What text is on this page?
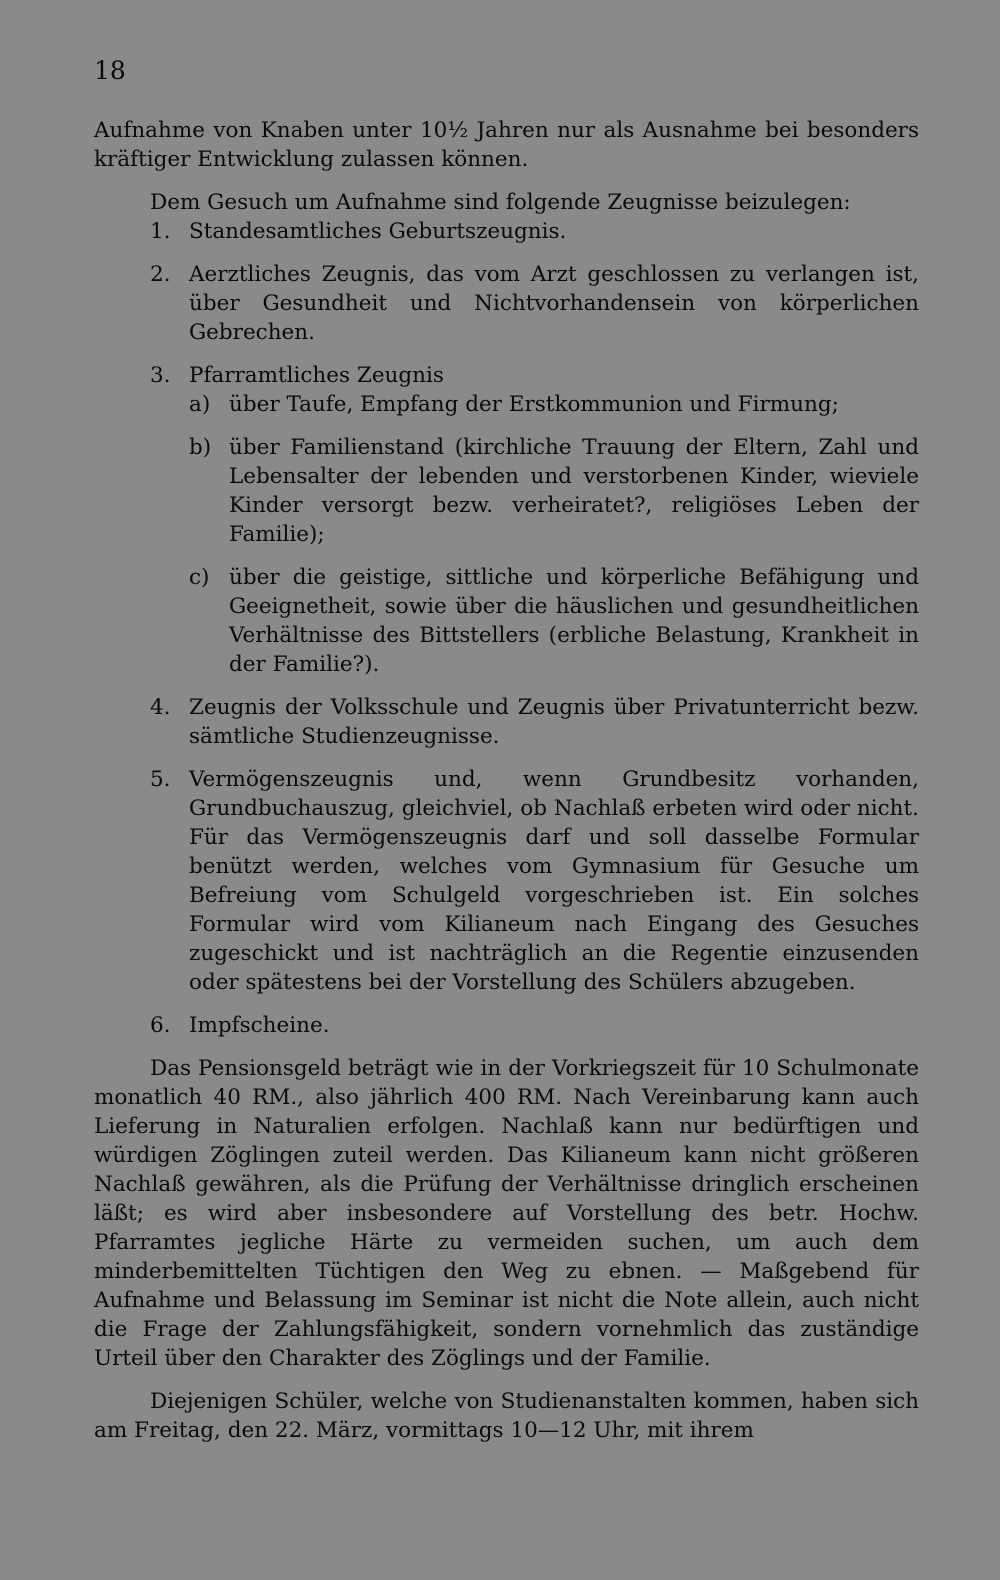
18

Aufnahme von Knaben unter 10½ Jahren nur als Ausnahme bei besonders kräftiger Entwicklung zulassen können.

Dem Gesuch um Aufnahme sind folgende Zeugnisse beizulegen:

1. Standesamtliches Geburtszeugnis.
2. Aerztliches Zeugnis, das vom Arzt geschlossen zu verlangen ist, über Gesundheit und Nichtvorhandensein von körperlichen Gebrechen.
3. Pfarramtliches Zeugnis
a) über Taufe, Empfang der Erstkommunion und Firmung;
b) über Familienstand (kirchliche Trauung der Eltern, Zahl und Lebensalter der lebenden und verstorbenen Kinder, wieviele Kinder versorgt bezw. verheiratet?, religiöses Leben der Familie);
c) über die geistige, sittliche und körperliche Befähigung und Geeignetheit, sowie über die häuslichen und gesundheitlichen Verhältnisse des Bittstellers (erbliche Belastung, Krankheit in der Familie?).
4. Zeugnis der Volksschule und Zeugnis über Privatunterricht bezw. sämtliche Studienzeugnisse.
5. Vermögenszeugnis und, wenn Grundbesitz vorhanden, Grundbuchauszug, gleichviel, ob Nachlaß erbeten wird oder nicht. Für das Vermögenszeugnis darf und soll dasselbe Formular benützt werden, welches vom Gymnasium für Gesuche um Befreiung vom Schulgeld vorgeschrieben ist. Ein solches Formular wird vom Kilianeum nach Eingang des Gesuches zugeschickt und ist nachträglich an die Regentie einzusenden oder spätestens bei der Vorstellung des Schülers abzugeben.
6. Impfscheine.

Das Pensionsgeld beträgt wie in der Vorkriegszeit für 10 Schulmonate monatlich 40 RM., also jährlich 400 RM. Nach Vereinbarung kann auch Lieferung in Naturalien erfolgen. Nachlaß kann nur bedürftigen und würdigen Zöglingen zuteil werden. Das Kilianeum kann nicht größeren Nachlaß gewähren, als die Prüfung der Verhältnisse dringlich erscheinen läßt; es wird aber insbesondere auf Vorstellung des betr. Hochw. Pfarramtes jegliche Härte zu vermeiden suchen, um auch dem minderbemittelten Tüchtigen den Weg zu ebnen. — Maßgebend für Aufnahme und Belassung im Seminar ist nicht die Note allein, auch nicht die Frage der Zahlungsfähigkeit, sondern vornehmlich das zuständige Urteil über den Charakter des Zöglings und der Familie.

Diejenigen Schüler, welche von Studienanstalten kommen, haben sich am Freitag, den 22. März, vormittags 10—12 Uhr, mit ihrem
